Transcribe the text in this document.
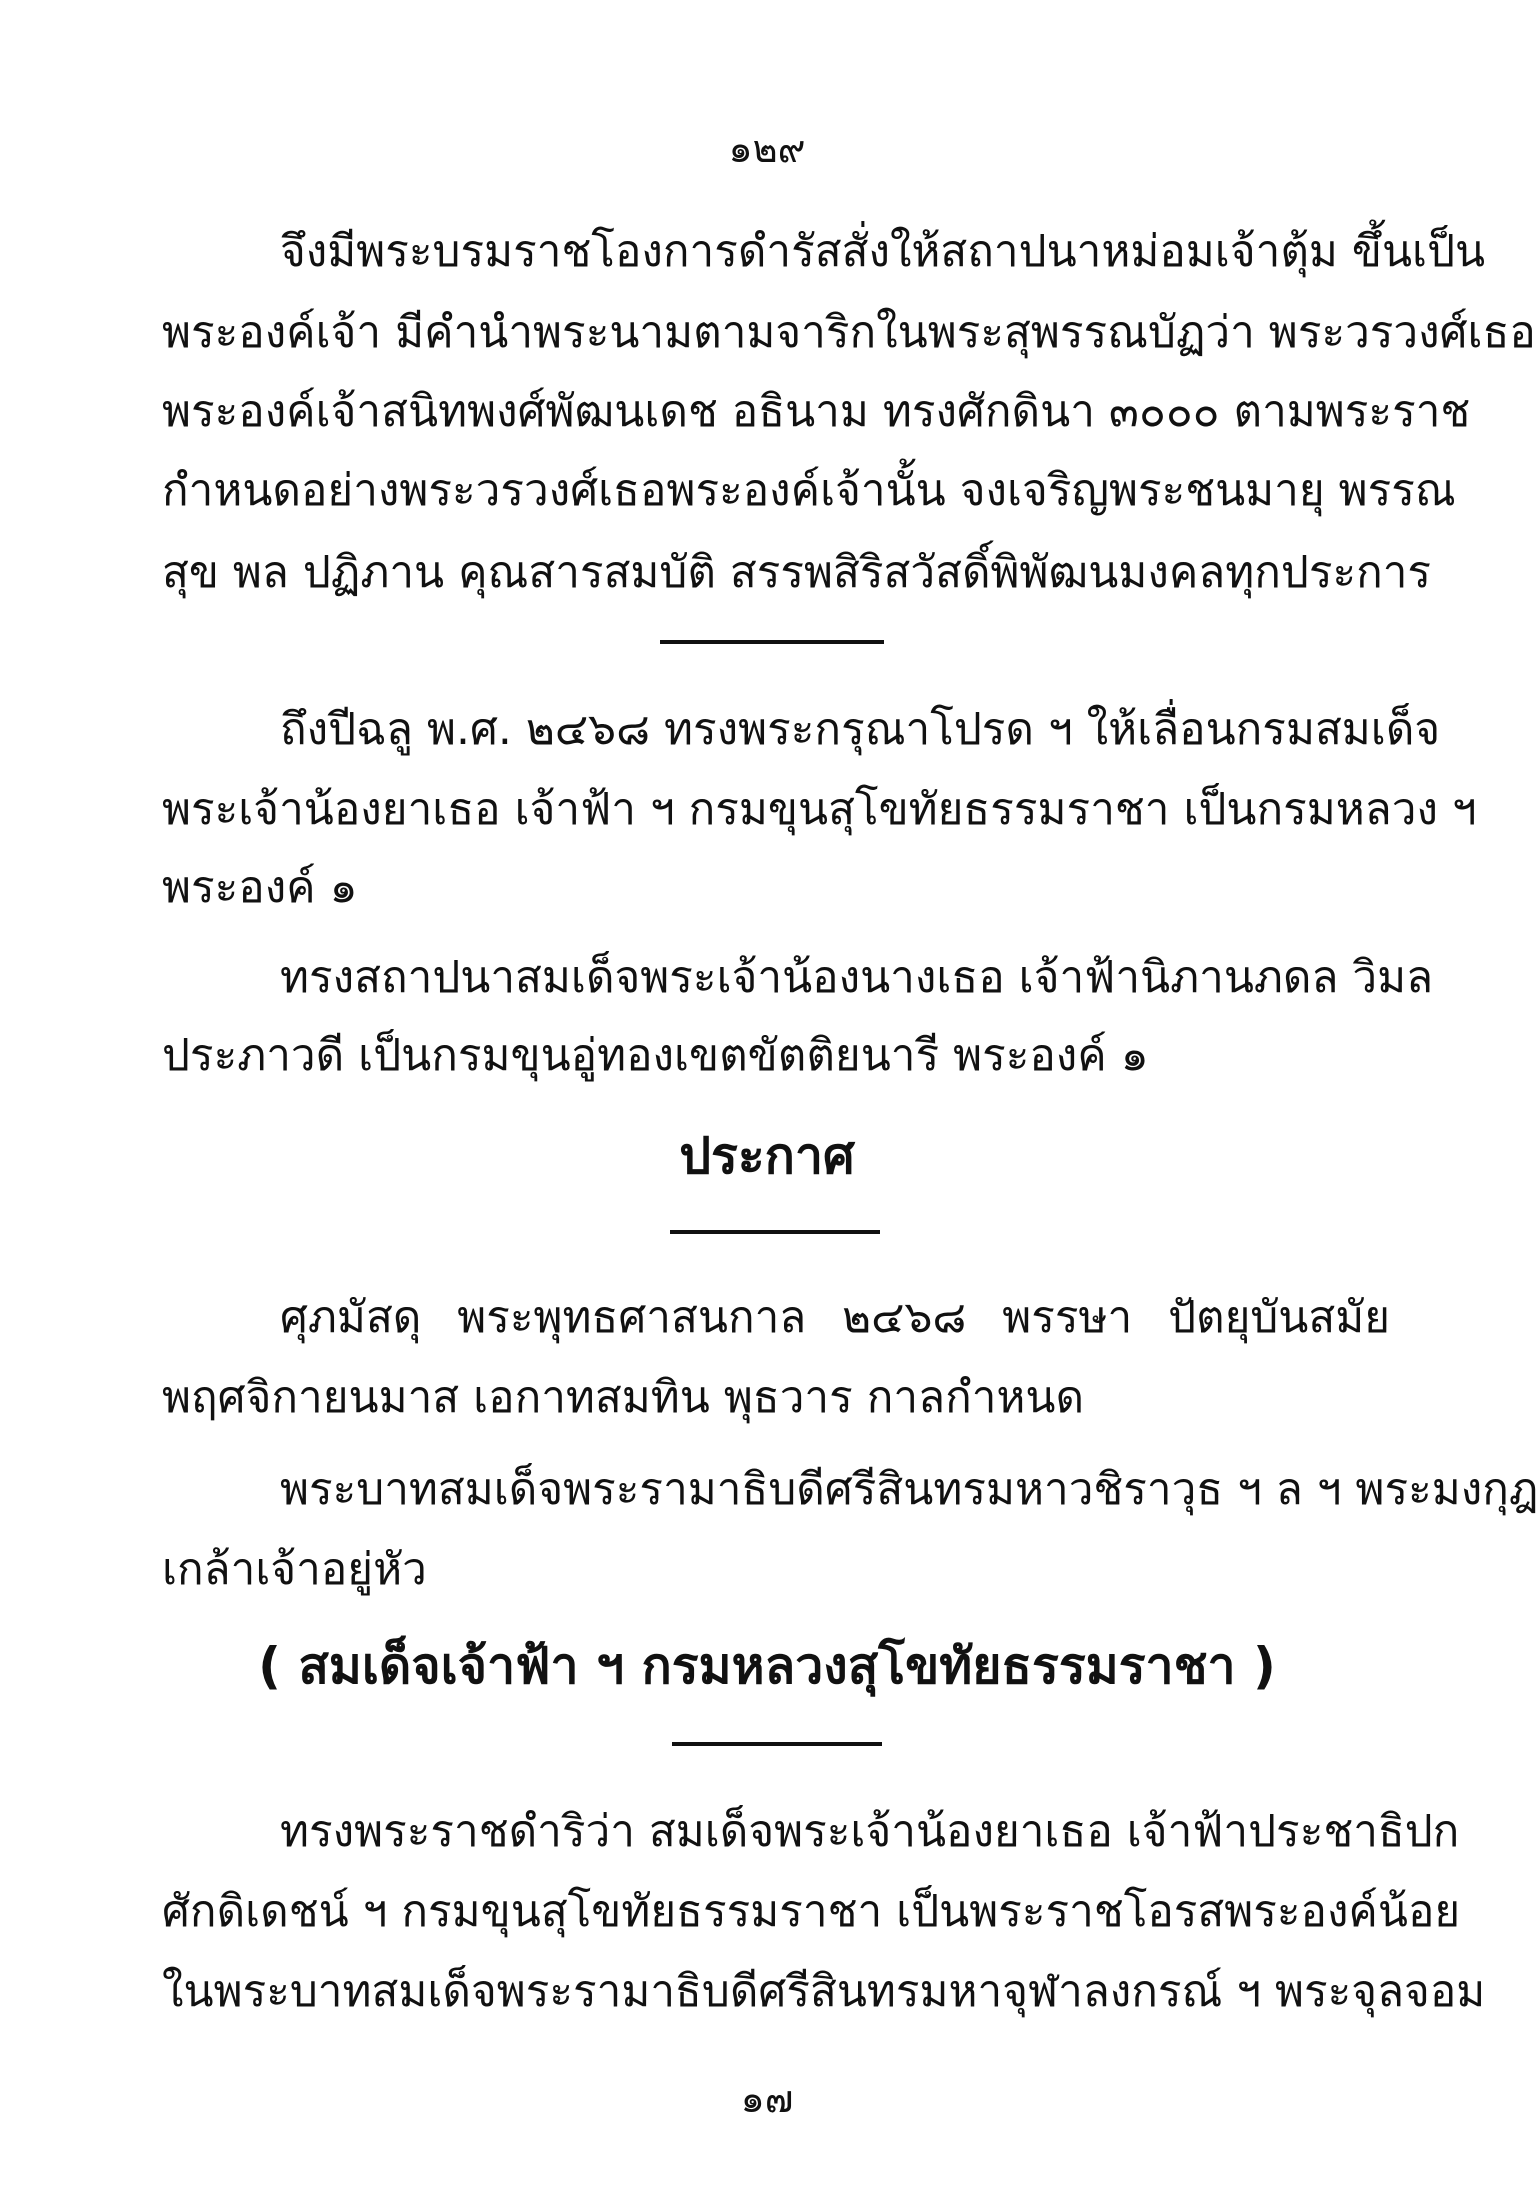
๑๒๙
จึงมีพระบรมราชโองการดำรัสสั่งให้สถาปนาหม่อมเจ้าตุ้ม ขึ้นเป็น
พระองค์เจ้า มีคำนำพระนามตามจาริกในพระสุพรรณบัฏว่า พระวรวงศ์เธอ
พระองค์เจ้าสนิทพงศ์พัฒนเดช อธินาม ทรงศักดินา ๓๐๐๐ ตามพระราช
กำหนดอย่างพระวรวงศ์เธอพระองค์เจ้านั้น จงเจริญพระชนมายุ พรรณ
สุข พล ปฏิภาน คุณสารสมบัติ สรรพสิริสวัสดิ์พิพัฒนมงคลทุกประการ
ถึงปีฉลู พ.ศ. ๒๔๖๘ ทรงพระกรุณาโปรด ฯ ให้เลื่อนกรมสมเด็จ
พระเจ้าน้องยาเธอ เจ้าฟ้า ฯ กรมขุนสุโขทัยธรรมราชา เป็นกรมหลวง ฯ
พระองค์ ๑
ทรงสถาปนาสมเด็จพระเจ้าน้องนางเธอ เจ้าฟ้านิภานภดล วิมล
ประภาวดี เป็นกรมขุนอู่ทองเขตขัตติยนารี พระองค์ ๑
ประกาศ
ศุภมัสดุ พระพุทธศาสนกาล ๒๔๖๘ พรรษา ปัตยุบันสมัย
พฤศจิกายนมาส เอกาทสมทิน พุธวาร กาลกำหนด
พระบาทสมเด็จพระรามาธิบดีศรีสินทรมหาวชิราวุธ ฯ ล ฯ พระมงกุฎ
เกล้าเจ้าอยู่หัว
( สมเด็จเจ้าฟ้า ฯ กรมหลวงสุโขทัยธรรมราชา )
ทรงพระราชดำริว่า สมเด็จพระเจ้าน้องยาเธอ เจ้าฟ้าประชาธิปก
ศักดิเดชน์ ฯ กรมขุนสุโขทัยธรรมราชา เป็นพระราชโอรสพระองค์น้อย
ในพระบาทสมเด็จพระรามาธิบดีศรีสินทรมหาจุฬาลงกรณ์ ฯ พระจุลจอม
๑๗
